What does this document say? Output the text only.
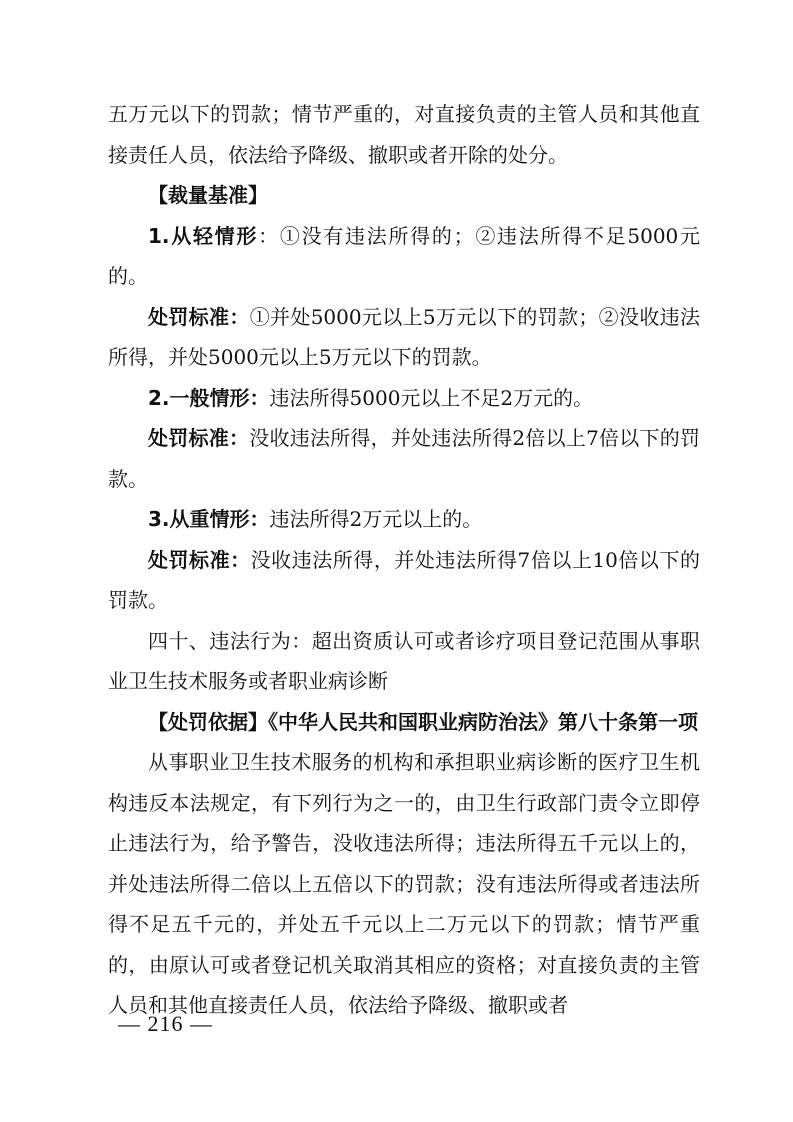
五万元以下的罚款；情节严重的，对直接负责的主管人员和其他直接责任人员，依法给予降级、撤职或者开除的处分。

【裁量基准】

1.从轻情形：①没有违法所得的；②违法所得不足5000元的。

处罚标准：①并处5000元以上5万元以下的罚款；②没收违法所得，并处5000元以上5万元以下的罚款。

2.一般情形：违法所得5000元以上不足2万元的。

处罚标准：没收违法所得，并处违法所得2倍以上7倍以下的罚款。

3.从重情形：违法所得2万元以上的。

处罚标准：没收违法所得，并处违法所得7倍以上10倍以下的罚款。

四十、违法行为：超出资质认可或者诊疗项目登记范围从事职业卫生技术服务或者职业病诊断

【处罚依据】《中华人民共和国职业病防治法》第八十条第一项

从事职业卫生技术服务的机构和承担职业病诊断的医疗卫生机构违反本法规定，有下列行为之一的，由卫生行政部门责令立即停止违法行为，给予警告，没收违法所得；违法所得五千元以上的，并处违法所得二倍以上五倍以下的罚款；没有违法所得或者违法所得不足五千元的，并处五千元以上二万元以下的罚款；情节严重的，由原认可或者登记机关取消其相应的资格；对直接负责的主管人员和其他直接责任人员，依法给予降级、撤职或者

— 216 —
